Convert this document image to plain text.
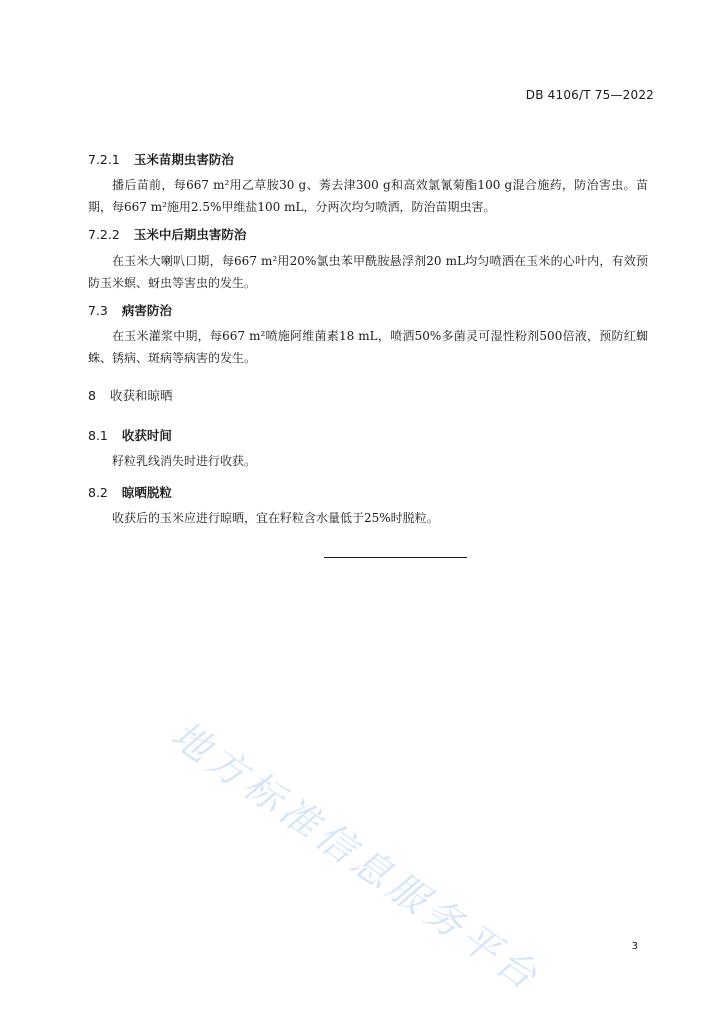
DB 4106/T 75—2022
7.2.1 玉米苗期虫害防治
播后苗前，每667 m²用乙草胺30 g、莠去津300 g和高效氯氰菊酯100 g混合施药，防治害虫。苗期，每667 m²施用2.5%甲维盐100 mL，分两次均匀喷洒，防治苗期虫害。
7.2.2 玉米中后期虫害防治
在玉米大喇叭口期，每667 m²用20%氯虫苯甲酰胺悬浮剂20 mL均匀喷洒在玉米的心叶内，有效预防玉米螟、蚜虫等害虫的发生。
7.3 病害防治
在玉米灌浆中期，每667 m²喷施阿维菌素18 mL，喷洒50%多菌灵可湿性粉剂500倍液，预防红蜘蛛、锈病、斑病等病害的发生。
8 收获和晾晒
8.1 收获时间
籽粒乳线消失时进行收获。
8.2 晾晒脱粒
收获后的玉米应进行晾晒，宜在籽粒含水量低于25%时脱粒。
地方标准信息服务平台	3
